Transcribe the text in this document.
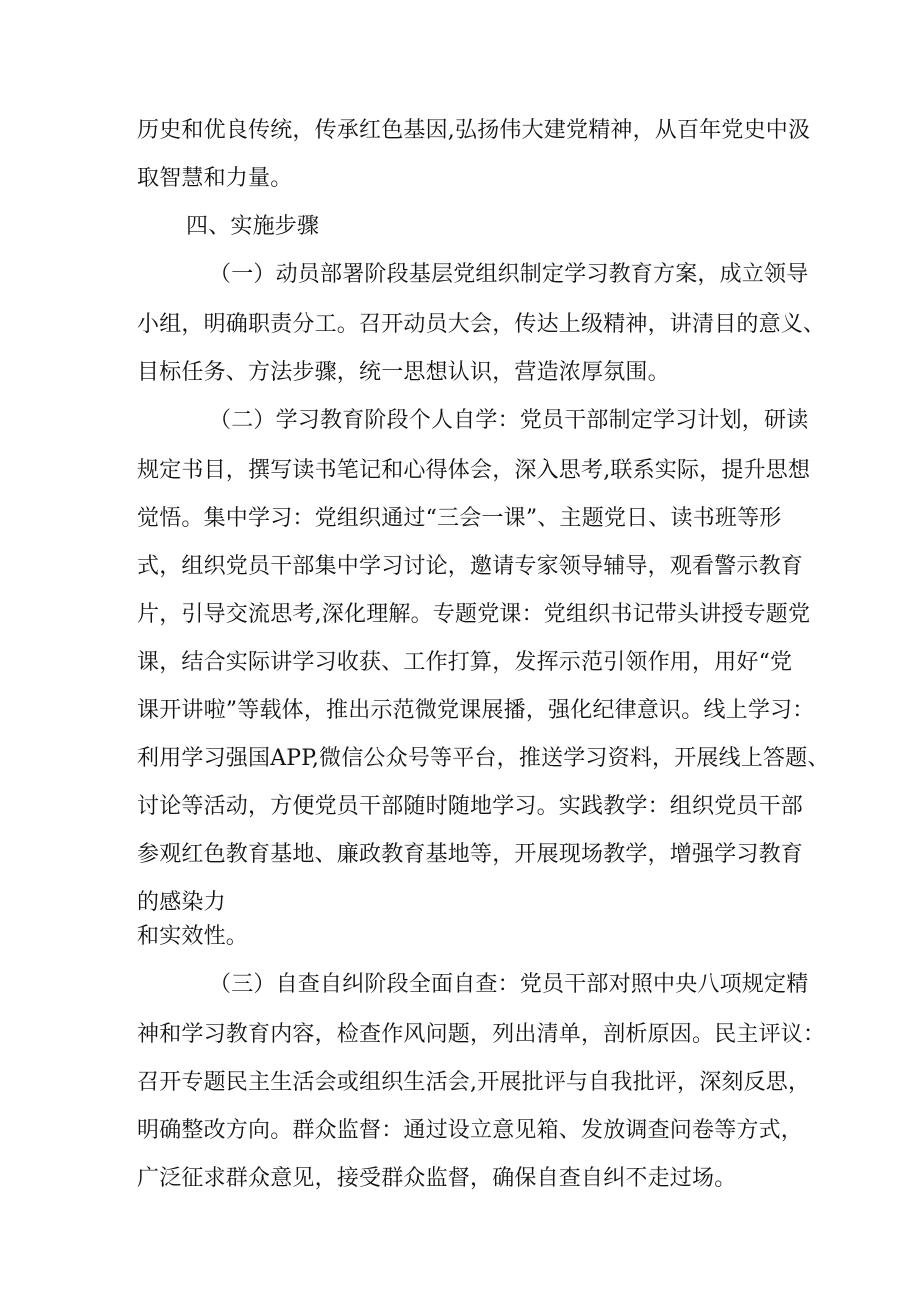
历史和优良传统，传承红色基因,弘扬伟大建党精神，从百年党史中汲
取智慧和力量。
四、实施步骤
（一）动员部署阶段基层党组织制定学习教育方案，成立领导
小组，明确职责分工。召开动员大会，传达上级精神，讲清目的意义、
目标任务、方法步骤，统一思想认识，营造浓厚氛围。
（二）学习教育阶段个人自学：党员干部制定学习计划，研读
规定书目，撰写读书笔记和心得体会，深入思考,联系实际，提升思想
觉悟。集中学习：党组织通过“三会一课”、主题党日、读书班等形
式，组织党员干部集中学习讨论，邀请专家领导辅导，观看警示教育
片，引导交流思考,深化理解。专题党课：党组织书记带头讲授专题党
课，结合实际讲学习收获、工作打算，发挥示范引领作用，用好“党
课开讲啦”等载体，推出示范微党课展播，强化纪律意识。线上学习：
利用学习强国APP,微信公众号等平台，推送学习资料，开展线上答题、
讨论等活动，方便党员干部随时随地学习。实践教学：组织党员干部
参观红色教育基地、廉政教育基地等，开展现场教学，增强学习教育
的感染力
和实效性。
（三）自查自纠阶段全面自查：党员干部对照中央八项规定精
神和学习教育内容，检查作风问题，列出清单，剖析原因。民主评议：
召开专题民主生活会或组织生活会,开展批评与自我批评，深刻反思，
明确整改方向。群众监督：通过设立意见箱、发放调查问卷等方式，
广泛征求群众意见，接受群众监督，确保自查自纠不走过场。
